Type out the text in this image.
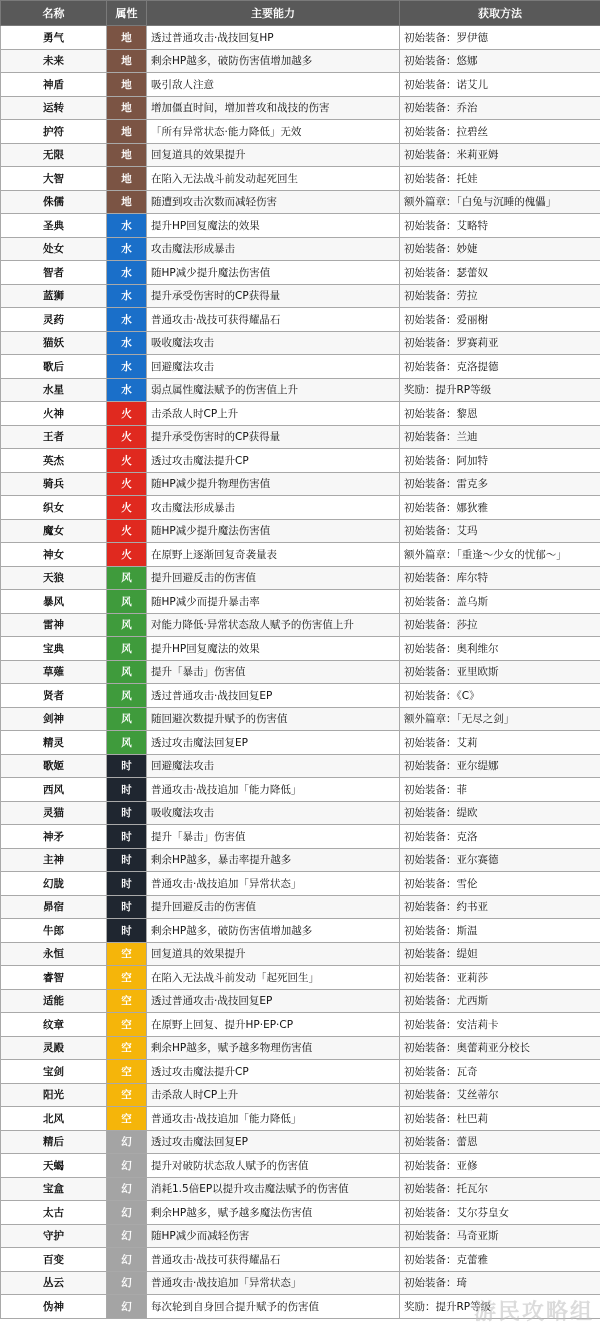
名称	属性	主要能力	获取方法
勇气	地	透过普通攻击·战技回复HP	初始装备：罗伊德
未来	地	剩余HP越多，破防伤害值增加越多	初始装备：悠娜
神盾	地	吸引敌人注意	初始装备：诺艾儿
运转	地	增加僵直时间，增加普攻和战技的伤害	初始装备：乔治
护符	地	「所有异常状态·能力降低」无效	初始装备：拉碧丝
无限	地	回复道具的效果提升	初始装备：米莉亚姆
大智	地	在陷入无法战斗前发动起死回生	初始装备：托娃
侏儒	地	随遭到攻击次数而减轻伤害	额外篇章：「白兔与沉睡的傀儡」
圣典	水	提升HP回复魔法的效果	初始装备：艾略特
处女	水	攻击魔法形成暴击	初始装备：妙婕
智者	水	随HP减少提升魔法伤害值	初始装备：瑟蕾奴
蓝狮	水	提升承受伤害时的CP获得量	初始装备：劳拉
灵药	水	普通攻击·战技可获得耀晶石	初始装备：爱丽榭
猫妖	水	吸收魔法攻击	初始装备：罗赛莉亚
歌后	水	回避魔法攻击	初始装备：克洛提德
水星	水	弱点属性魔法赋予的伤害值上升	奖励：提升RP等级
火神	火	击杀敌人时CP上升	初始装备：黎恩
王者	火	提升承受伤害时的CP获得量	初始装备：兰迪
英杰	火	透过攻击魔法提升CP	初始装备：阿加特
骑兵	火	随HP减少提升物理伤害值	初始装备：雷克多
织女	火	攻击魔法形成暴击	初始装备：娜狄雅
魔女	火	随HP减少提升魔法伤害值	初始装备：艾玛
神女	火	在原野上逐渐回复奇袭量表	额外篇章：「重逢～少女的忧郁～」
天狼	风	提升回避反击的伤害值	初始装备：库尔特
暴风	风	随HP减少而提升暴击率	初始装备：盖乌斯
雷神	风	对能力降低·异常状态敌人赋予的伤害值上升	初始装备：莎拉
宝典	风	提升HP回复魔法的效果	初始装备：奥利维尔
草薙	风	提升「暴击」伤害值	初始装备：亚里欧斯
贤者	风	透过普通攻击·战技回复EP	初始装备：《C》
剑神	风	随回避次数提升赋予的伤害值	额外篇章：「无尽之剑」
精灵	风	透过攻击魔法回复EP	初始装备：艾莉
歌姬	时	回避魔法攻击	初始装备：亚尔缇娜
西风	时	普通攻击·战技追加「能力降低」	初始装备：菲
灵猫	时	吸收魔法攻击	初始装备：缇欧
神矛	时	提升「暴击」伤害值	初始装备：克洛
主神	时	剩余HP越多，暴击率提升越多	初始装备：亚尔赛德
幻胧	时	普通攻击·战技追加「异常状态」	初始装备：雪伦
昴宿	时	提升回避反击的伤害值	初始装备：约书亚
牛郎	时	剩余HP越多，破防伤害值增加越多	初始装备：斯温
永恒	空	回复道具的效果提升	初始装备：缇妲
睿智	空	在陷入无法战斗前发动「起死回生」	初始装备：亚莉莎
适能	空	透过普通攻击·战技回复EP	初始装备：尤西斯
纹章	空	在原野上回复、提升HP·EP·CP	初始装备：安洁莉卡
灵殿	空	剩余HP越多，赋予越多物理伤害值	初始装备：奥蕾莉亚分校长
宝剑	空	透过攻击魔法提升CP	初始装备：瓦奇
阳光	空	击杀敌人时CP上升	初始装备：艾丝蒂尔
北风	空	普通攻击·战技追加「能力降低」	初始装备：杜巴莉
精后	幻	透过攻击魔法回复EP	初始装备：蕾恩
天蝎	幻	提升对破防状态敌人赋予的伤害值	初始装备：亚修
宝盒	幻	消耗1.5倍EP以提升攻击魔法赋予的伤害值	初始装备：托瓦尔
太古	幻	剩余HP越多，赋予越多魔法伤害值	初始装备：艾尔芬皇女
守护	幻	随HP减少而减轻伤害	初始装备：马奇亚斯
百变	幻	普通攻击·战技可获得耀晶石	初始装备：克蕾雅
丛云	幻	普通攻击·战技追加「异常状态」	初始装备：琦
伪神	幻	每次轮到自身回合提升赋予的伤害值	奖励：提升RP等级
游民攻略组
